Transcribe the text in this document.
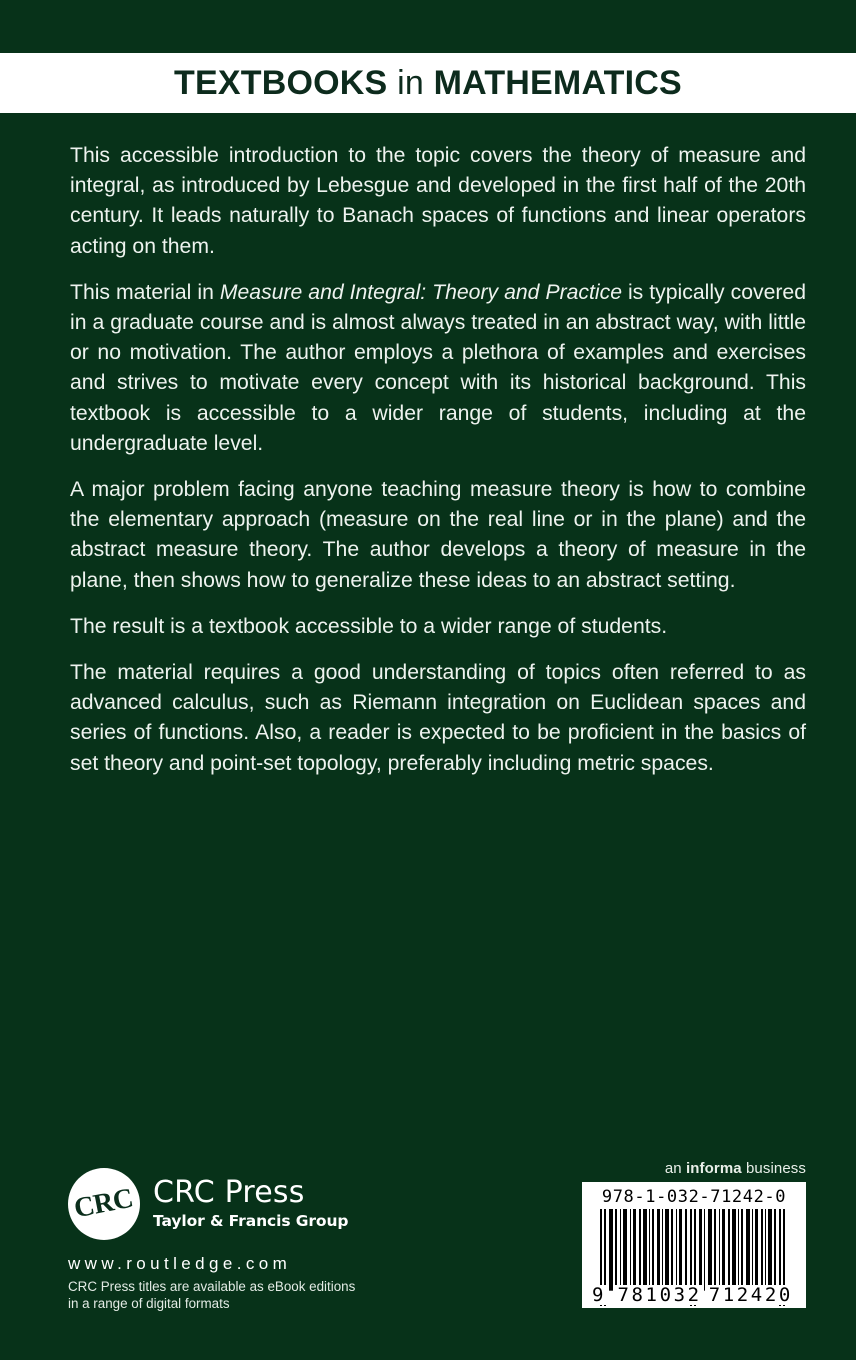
TEXTBOOKS in MATHEMATICS

This accessible introduction to the topic covers the theory of measure and integral, as introduced by Lebesgue and developed in the first half of the 20th century. It leads naturally to Banach spaces of functions and linear operators acting on them.

This material in Measure and Integral: Theory and Practice is typically covered in a graduate course and is almost always treated in an abstract way, with little or no motivation. The author employs a plethora of examples and exercises and strives to motivate every concept with its historical background. This textbook is accessible to a wider range of students, including at the undergraduate level.

A major problem facing anyone teaching measure theory is how to combine the elementary approach (measure on the real line or in the plane) and the abstract measure theory. The author develops a theory of measure in the plane, then shows how to generalize these ideas to an abstract setting.

The result is a textbook accessible to a wider range of students.

The material requires a good understanding of topics often referred to as advanced calculus, such as Riemann integration on Euclidean spaces and series of functions. Also, a reader is expected to be proficient in the basics of set theory and point-set topology, preferably including metric spaces.

CRC CRC Press
Taylor & Francis Group
www.routledge.com
CRC Press titles are available as eBook editions
in a range of digital formats
an informa business
978-1-032-71242-0
9 781032 712420
